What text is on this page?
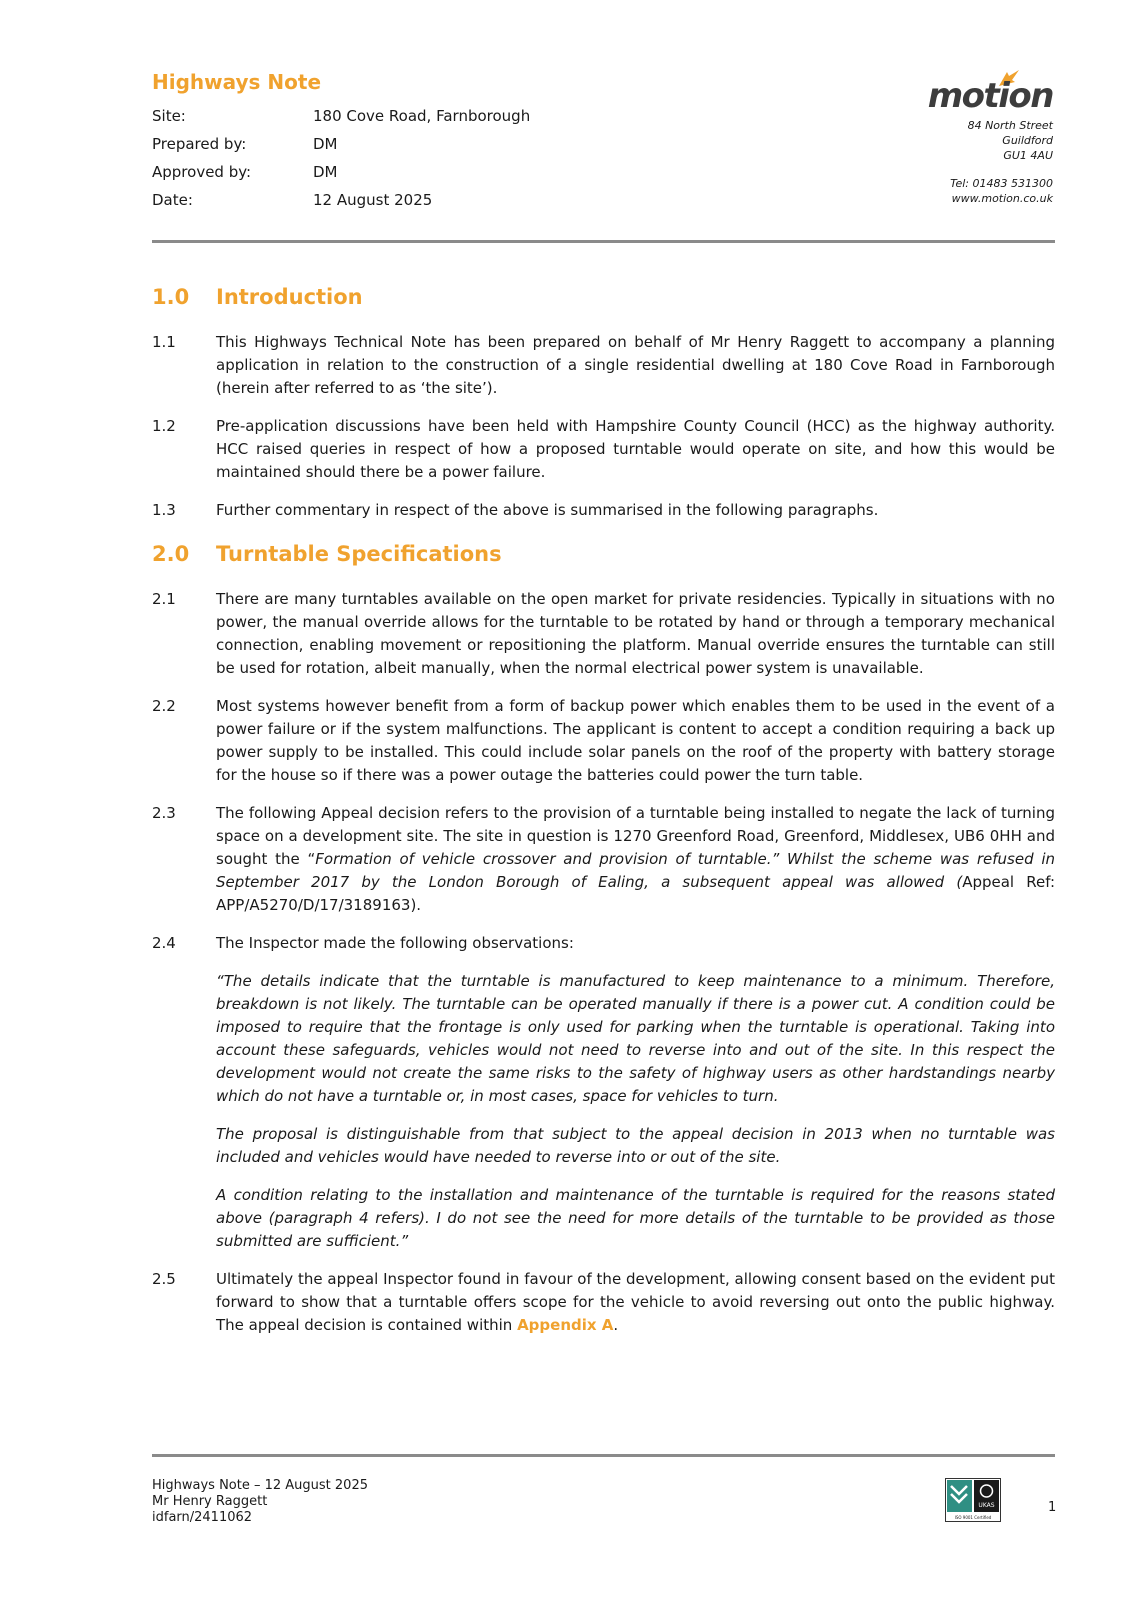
Highways Note
Site:	180 Cove Road, Farnborough
Prepared by:	DM
Approved by:	DM
Date:	12 August 2025
motion
84 North Street
Guildford
GU1 4AU
Tel: 01483 531300
www.motion.co.uk
1.0	Introduction
1.1	This Highways Technical Note has been prepared on behalf of Mr Henry Raggett to accompany a planning application in relation to the construction of a single residential dwelling at 180 Cove Road in Farnborough (herein after referred to as ‘the site’).
1.2	Pre-application discussions have been held with Hampshire County Council (HCC) as the highway authority. HCC raised queries in respect of how a proposed turntable would operate on site, and how this would be maintained should there be a power failure.
1.3	Further commentary in respect of the above is summarised in the following paragraphs.
2.0	Turntable Specifications
2.1	There are many turntables available on the open market for private residencies. Typically in situations with no power, the manual override allows for the turntable to be rotated by hand or through a temporary mechanical connection, enabling movement or repositioning the platform. Manual override ensures the turntable can still be used for rotation, albeit manually, when the normal electrical power system is unavailable.
2.2	Most systems however benefit from a form of backup power which enables them to be used in the event of a power failure or if the system malfunctions. The applicant is content to accept a condition requiring a back up power supply to be installed. This could include solar panels on the roof of the property with battery storage for the house so if there was a power outage the batteries could power the turn table.
2.3	The following Appeal decision refers to the provision of a turntable being installed to negate the lack of turning space on a development site. The site in question is 1270 Greenford Road, Greenford, Middlesex, UB6 0HH and sought the “Formation of vehicle crossover and provision of turntable.” Whilst the scheme was refused in September 2017 by the London Borough of Ealing, a subsequent appeal was allowed (Appeal Ref: APP/A5270/D/17/3189163).
2.4	The Inspector made the following observations:
“The details indicate that the turntable is manufactured to keep maintenance to a minimum. Therefore, breakdown is not likely. The turntable can be operated manually if there is a power cut. A condition could be imposed to require that the frontage is only used for parking when the turntable is operational. Taking into account these safeguards, vehicles would not need to reverse into and out of the site. In this respect the development would not create the same risks to the safety of highway users as other hardstandings nearby which do not have a turntable or, in most cases, space for vehicles to turn.
The proposal is distinguishable from that subject to the appeal decision in 2013 when no turntable was included and vehicles would have needed to reverse into or out of the site.
A condition relating to the installation and maintenance of the turntable is required for the reasons stated above (paragraph 4 refers). I do not see the need for more details of the turntable to be provided as those submitted are sufficient.”
2.5	Ultimately the appeal Inspector found in favour of the development, allowing consent based on the evident put forward to show that a turntable offers scope for the vehicle to avoid reversing out onto the public highway. The appeal decision is contained within Appendix A.
Highways Note – 12 August 2025
Mr Henry Raggett
idfarn/2411062
UKAS
ISO 9001 Certified
1
